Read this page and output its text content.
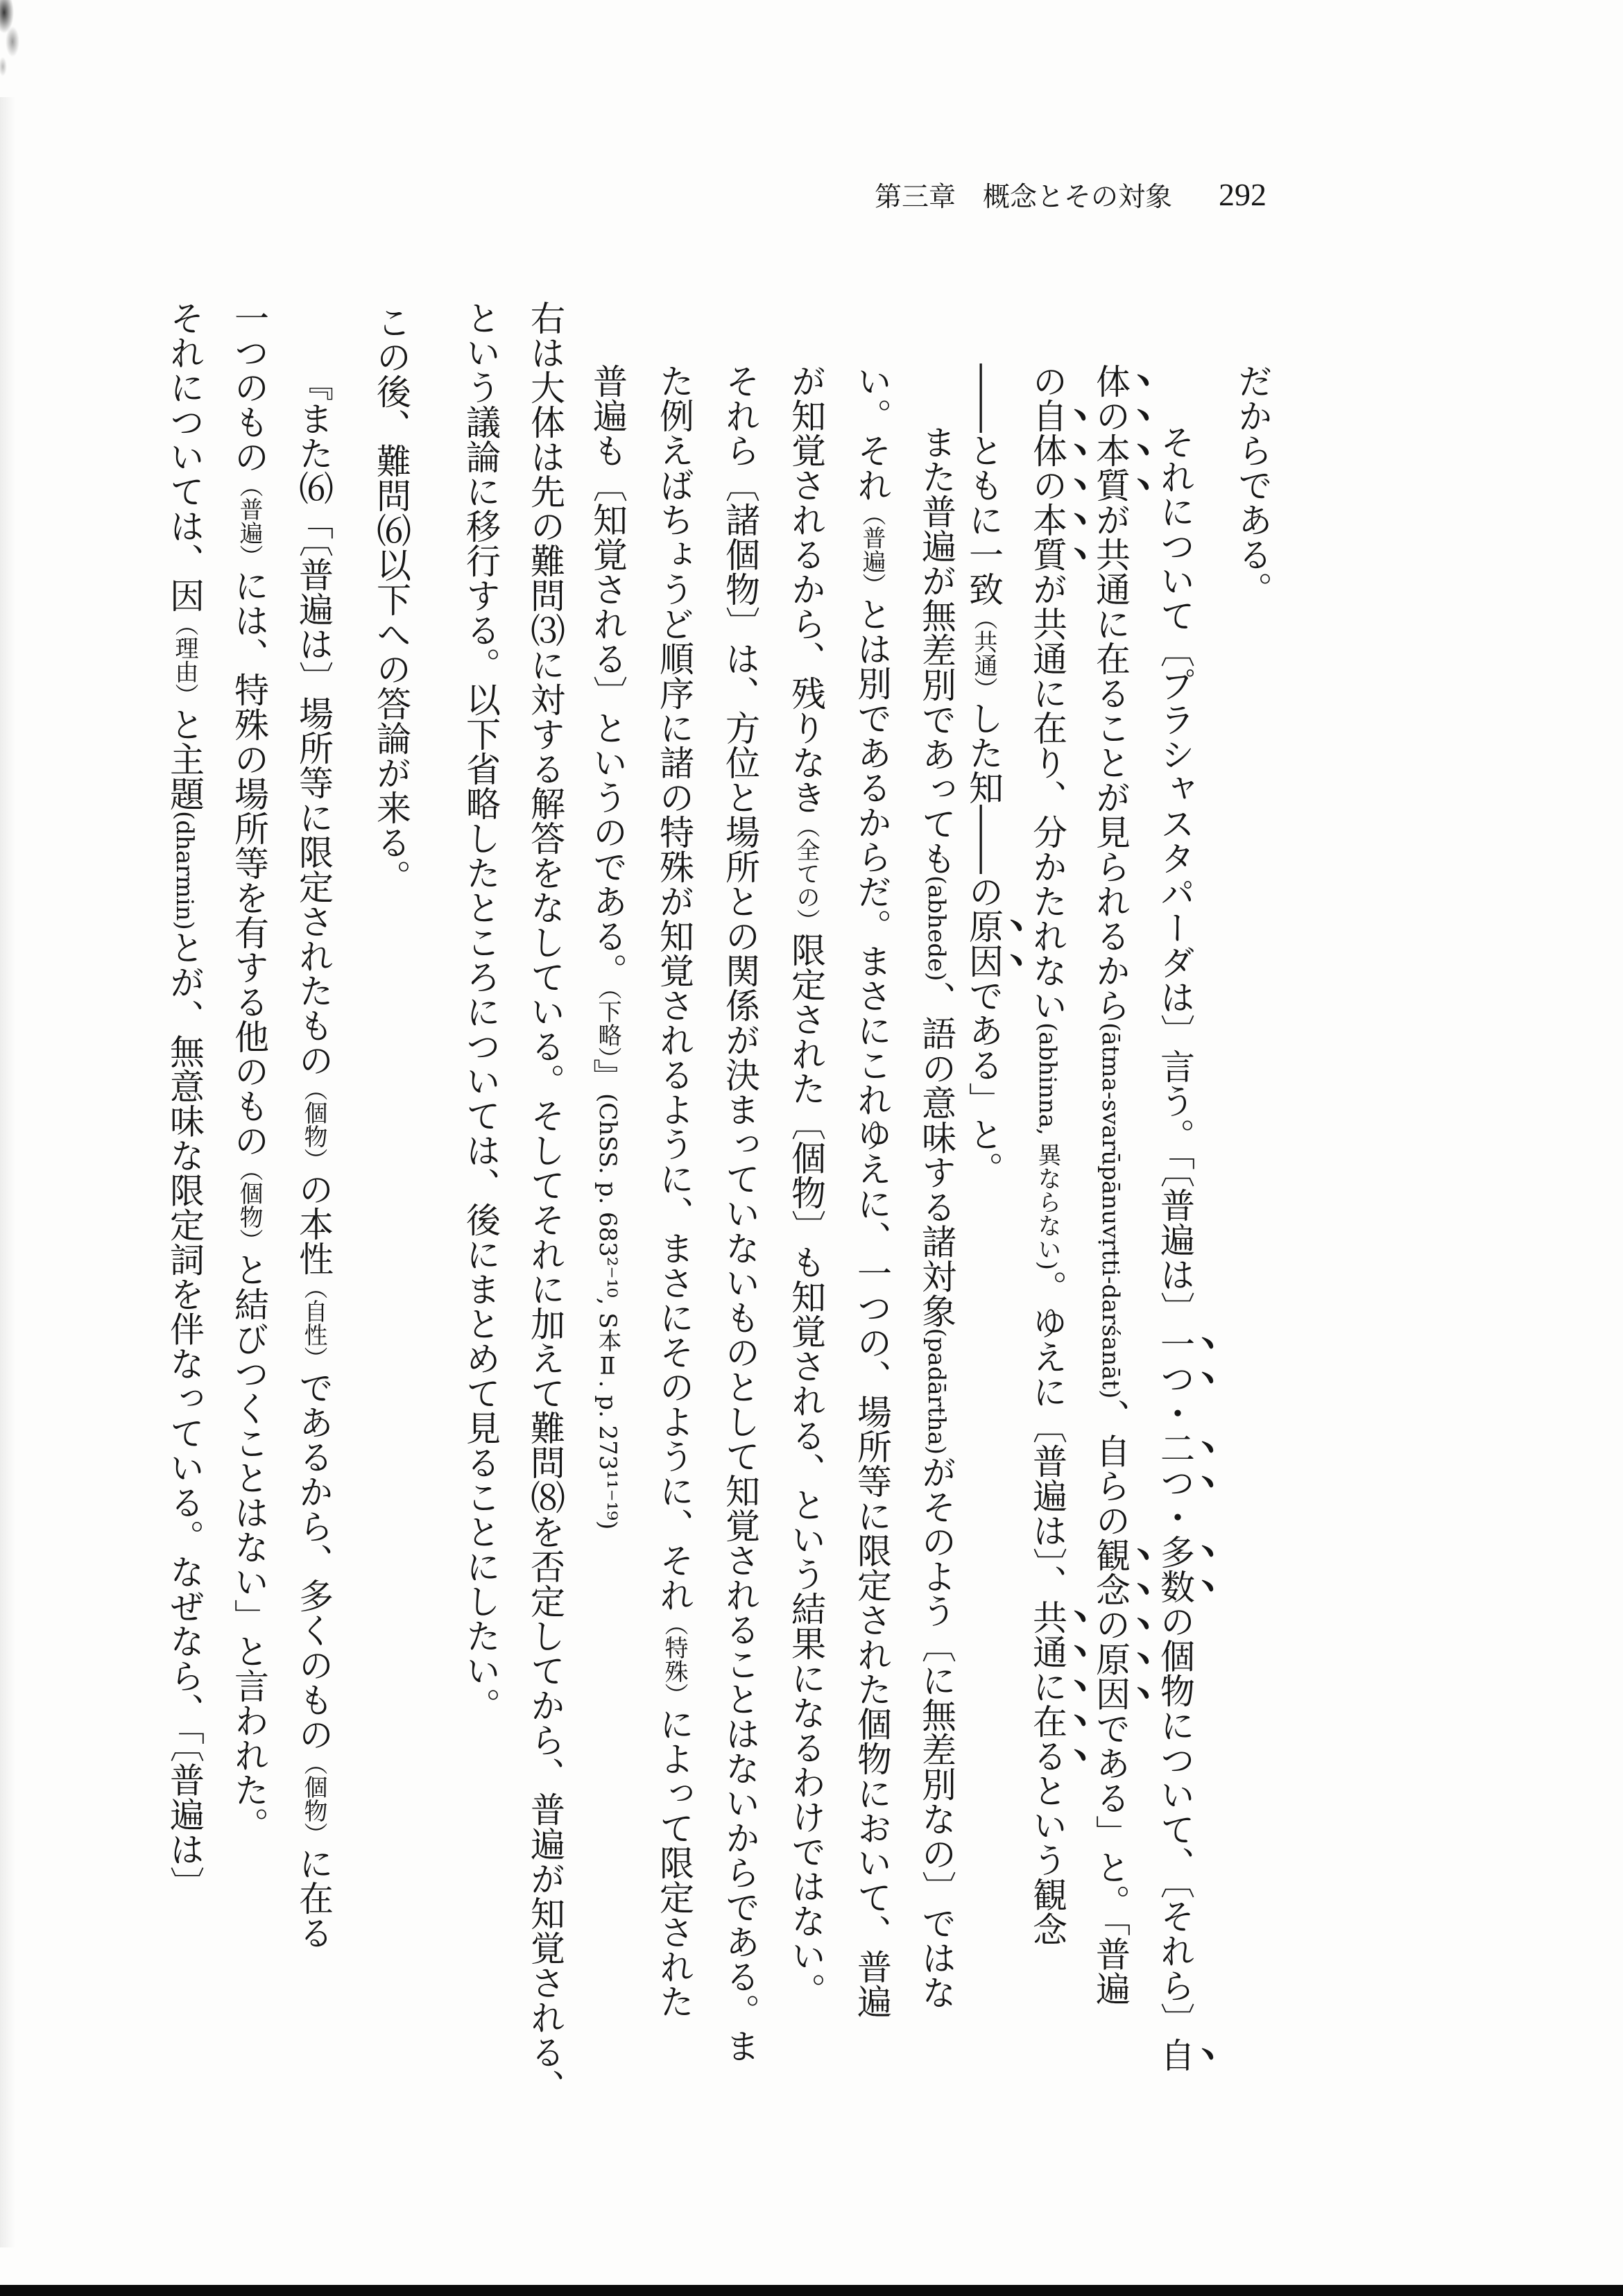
第三章　概念とその対象 292
だからである。
それについて〔プラシャスタパーダは〕言う。「〔普遍は〕一つ・二つ・多数の個物について、〔それら〕自
体の本質が共通に在ることが見られるから(ātma-svarūpānuvṛtti-darśanāt)、自らの観念の原因である」と。「普遍
の自体の本質が共通に在り、分かたれない(abhinna, 異ならない)。ゆえに〔普遍は〕、共通に在るという観念
――ともに一致（共通）した知――の原因である」と。
また普遍が無差別であっても(abhede)、語の意味する諸対象(padārtha)がそのよう〔に無差別なの〕ではな
い。それ（普遍）とは別であるからだ。まさにこれゆえに、一つの、場所等に限定された個物において、普遍
が知覚されるから、残りなき（全ての）限定された〔個物〕も知覚される、という結果になるわけではない。
それら〔諸個物〕は、方位と場所との関係が決まっていないものとして知覚されることはないからである。ま
た例えばちょうど順序に諸の特殊が知覚されるように、まさにそのように、それ（特殊）によって限定された
普遍も〔知覚される〕というのである。（下略）』(ChSS. p. 683²⁻¹⁰, S本Ⅱ. p. 273¹¹⁻¹⁹)
右は大体は先の難問⑶に対する解答をなしている。そしてそれに加えて難問⑻を否定してから、普遍が知覚される、
という議論に移行する。以下省略したところについては、後にまとめて見ることにしたい。
この後、難問⑹以下への答論が来る。
『また⑹「〔普遍は〕場所等に限定されたもの（個物）の本性（自性）であるから、多くのもの（個物）に在る
一つのもの（普遍）には、特殊の場所等を有する他のもの（個物）と結びつくことはない」と言われた。
それについては、因（理由）と主題(dharmin)とが、無意味な限定詞を伴なっている。なぜなら、「〔普遍は〕
